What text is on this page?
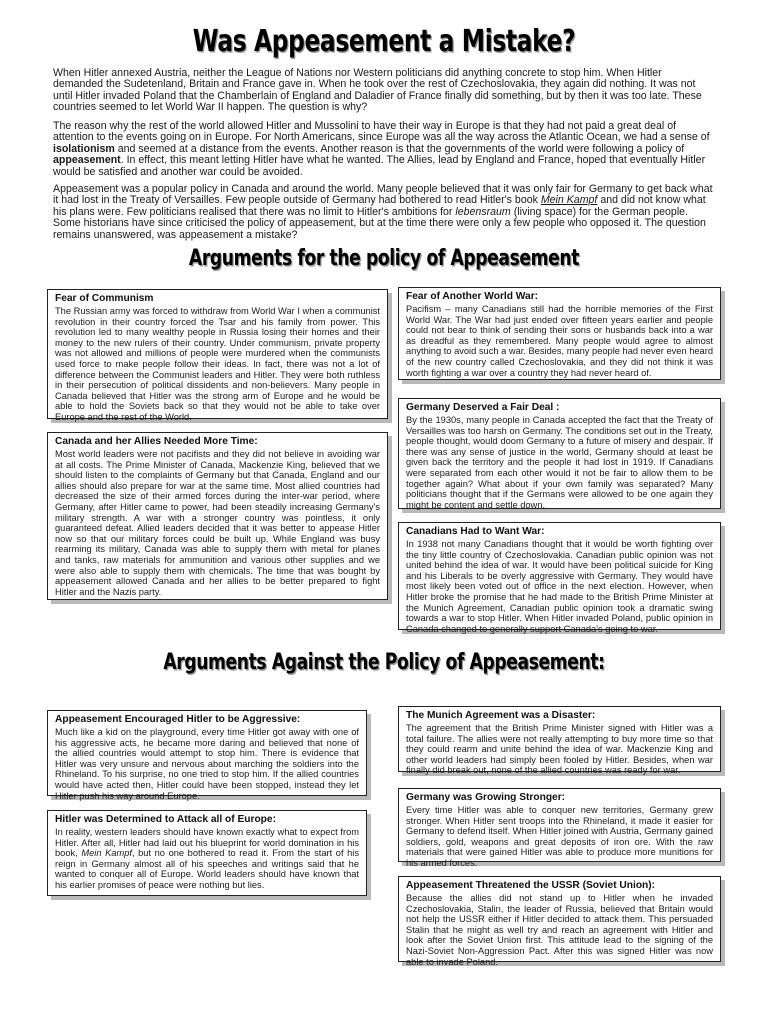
Was Appeasement a Mistake?

When Hitler annexed Austria, neither the League of Nations nor Western politicians did anything concrete to stop him. When Hitler demanded the Sudetenland, Britain and France gave in. When he took over the rest of Czechoslovakia, they again did nothing. It was not until Hitler invaded Poland that the Chamberlain of England and Daladier of France finally did something, but by then it was too late. These countries seemed to let World War II happen. The question is why?

The reason why the rest of the world allowed Hitler and Mussolini to have their way in Europe is that they had not paid a great deal of attention to the events going on in Europe. For North Americans, since Europe was all the way across the Atlantic Ocean, we had a sense of isolationism and seemed at a distance from the events. Another reason is that the governments of the world were following a policy of appeasement. In effect, this meant letting Hitler have what he wanted. The Allies, lead by England and France, hoped that eventually Hitler would be satisfied and another war could be avoided.

Appeasement was a popular policy in Canada and around the world. Many people believed that it was only fair for Germany to get back what it had lost in the Treaty of Versailles. Few people outside of Germany had bothered to read Hitler's book Mein Kampf and did not know what his plans were. Few politicians realised that there was no limit to Hitler's ambitions for lebensraum (living space) for the German people. Some historians have since criticised the policy of appeasement, but at the time there were only a few people who opposed it. The question remains unanswered, was appeasement a mistake?

Arguments for the policy of Appeasement
Fear of Communism

The Russian army was forced to withdraw from World War I when a communist revolution in their country forced the Tsar and his family from power. This revolution led to many wealthy people in Russia losing their homes and their money to the new rulers of their country. Under communism, private property was not allowed and millions of people were murdered when the communists used force to make people follow their ideas. In fact, there was not a lot of difference between the Communist leaders and Hitler. They were both ruthless in their persecution of political dissidents and non-believers. Many people in Canada believed that Hitler was the strong arm of Europe and he would be able to hold the Soviets back so that they would not be able to take over Europe and the rest of the World.

Canada and her Allies Needed More Time:

Most world leaders were not pacifists and they did not believe in avoiding war at all costs. The Prime Minister of Canada, Mackenzie King, believed that we should listen to the complaints of Germany but that Canada, England and our allies should also prepare for war at the same time. Most allied countries had decreased the size of their armed forces during the inter-war period, where Germany, after Hitler came to power, had been steadily increasing Germany's military strength. A war with a stronger country was pointless, it only guaranteed defeat. Allied leaders decided that it was better to appease Hitler now so that our military forces could be built up. While England was busy rearming its military, Canada was able to supply them with metal for planes and tanks, raw materials for ammunition and various other supplies and we were also able to supply them with chemicals. The time that was bought by appeasement allowed Canada and her allies to be better prepared to fight Hitler and the Nazis party.

Fear of Another World War:

Pacifism – many Canadians still had the horrible memories of the First World War. The War had just ended over fifteen years earlier and people could not bear to think of sending their sons or husbands back into a war as dreadful as they remembered. Many people would agree to almost anything to avoid such a war. Besides, many people had never even heard of the new country called Czechoslovakia, and they did not think it was worth fighting a war over a country they had never heard of.

Germany Deserved a Fair Deal :

By the 1930s, many people in Canada accepted the fact that the Treaty of Versailles was too harsh on Germany. The conditions set out in the Treaty, people thought, would doom Germany to a future of misery and despair. If there was any sense of justice in the world, Germany should at least be given back the territory and the people it had lost in 1919. If Canadians were separated from each other would it not be fair to allow them to be together again? What about if your own family was separated? Many politicians thought that if the Germans were allowed to be one again they might be content and settle down.

Canadians Had to Want War:

In 1938 not many Canadians thought that it would be worth fighting over the tiny little country of Czechoslovakia. Canadian public opinion was not united behind the idea of war. It would have been political suicide for King and his Liberals to be overly aggressive with Germany. They would have most likely been voted out of office in the next election. However, when Hitler broke the promise that he had made to the British Prime Minister at the Munich Agreement, Canadian public opinion took a dramatic swing towards a war to stop Hitler. When Hitler invaded Poland, public opinion in Canada changed to generally support Canada's going to war.

Arguments Against the Policy of Appeasement:
Appeasement Encouraged Hitler to be Aggressive:

Much like a kid on the playground, every time Hitler got away with one of his aggressive acts, he became more daring and believed that none of the allied countries would attempt to stop him. There is evidence that Hitler was very unsure and nervous about marching the soldiers into the Rhineland. To his surprise, no one tried to stop him. If the allied countries would have acted then, Hitler could have been stopped, instead they let Hitler push his way around Europe.

Hitler was Determined to Attack all of Europe:

In reality, western leaders should have known exactly what to expect from Hitler. After all, Hitler had laid out his blueprint for world domination in his book, Mein Kampf, but no one bothered to read it. From the start of his reign in Germany almost all of his speeches and writings said that he wanted to conquer all of Europe. World leaders should have known that his earlier promises of peace were nothing but lies.

The Munich Agreement was a Disaster:

The agreement that the British Prime Minister signed with Hitler was a total failure. The allies were not really attempting to buy more time so that they could rearm and unite behind the idea of war. Mackenzie King and other world leaders had simply been fooled by Hitler. Besides, when war finally did break out, none of the allied countries was ready for war.

Germany was Growing Stronger:

Every time Hitler was able to conquer new territories, Germany grew stronger. When Hitler sent troops into the Rhineland, it made it easier for Germany to defend itself. When Hitler joined with Austria, Germany gained soldiers, gold, weapons and great deposits of iron ore. With the raw materials that were gained Hitler was able to produce more munitions for his armed forces.

Appeasement Threatened the USSR (Soviet Union):

Because the allies did not stand up to Hitler when he invaded Czechoslovakia, Stalin, the leader of Russia, believed that Britain would not help the USSR either if Hitler decided to attack them. This persuaded Stalin that he might as well try and reach an agreement with Hitler and look after the Soviet Union first. This attitude lead to the signing of the Nazi-Soviet Non-Aggression Pact. After this was signed Hitler was now able to invade Poland.
